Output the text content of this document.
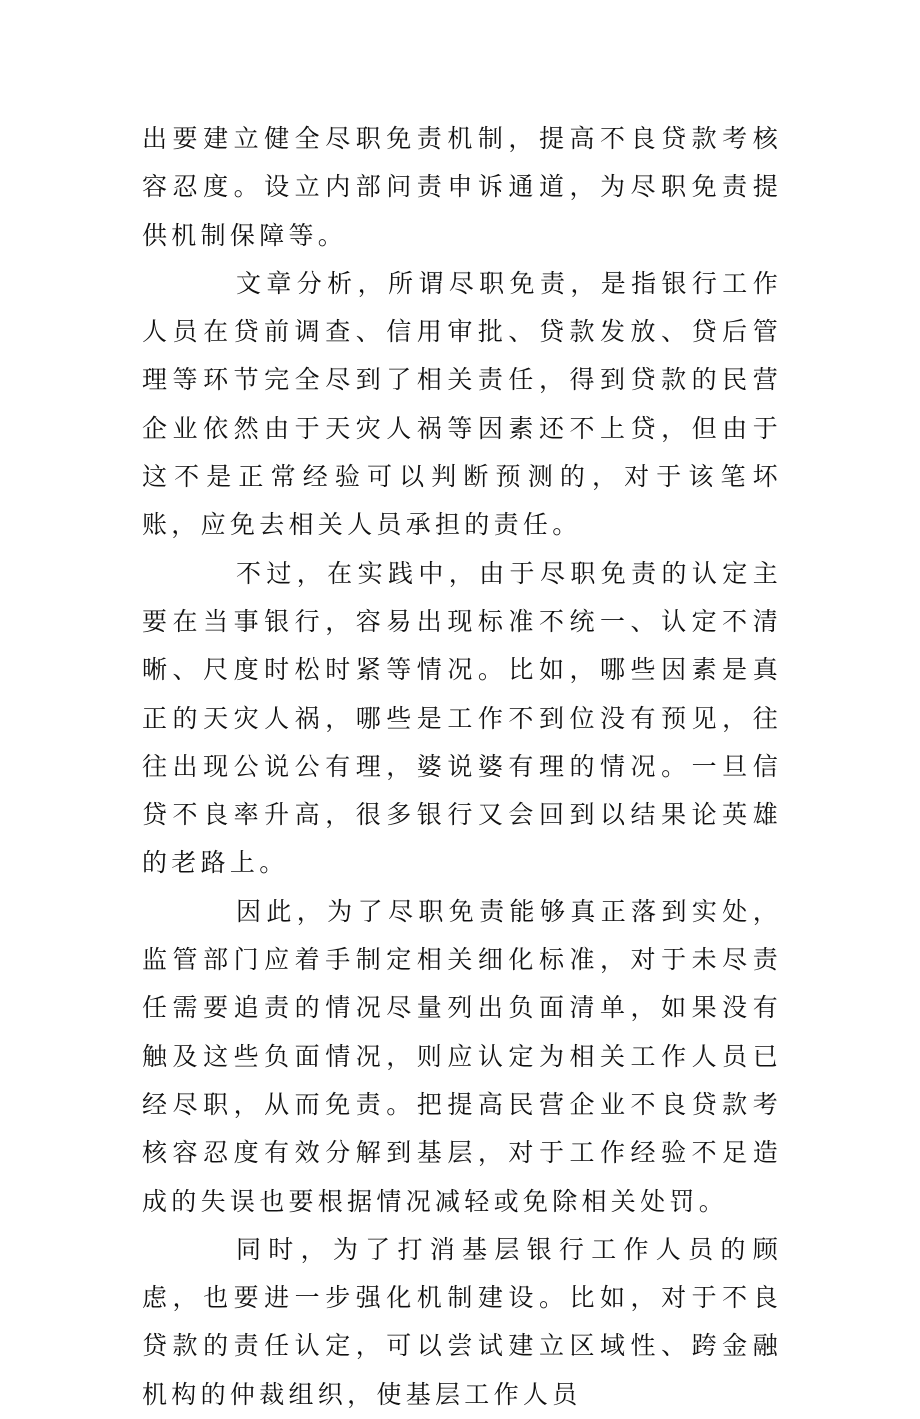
出要建立健全尽职免责机制，提高不良贷款考核容忍度。设立内部问责申诉通道，为尽职免责提供机制保障等。

文章分析，所谓尽职免责，是指银行工作人员在贷前调查、信用审批、贷款发放、贷后管理等环节完全尽到了相关责任，得到贷款的民营企业依然由于天灾人祸等因素还不上贷，但由于这不是正常经验可以判断预测的，对于该笔坏账，应免去相关人员承担的责任。

不过，在实践中，由于尽职免责的认定主要在当事银行，容易出现标准不统一、认定不清晰、尺度时松时紧等情况。比如，哪些因素是真正的天灾人祸，哪些是工作不到位没有预见，往往出现公说公有理，婆说婆有理的情况。一旦信贷不良率升高，很多银行又会回到以结果论英雄的老路上。

因此，为了尽职免责能够真正落到实处，监管部门应着手制定相关细化标准，对于未尽责任需要追责的情况尽量列出负面清单，如果没有触及这些负面情况，则应认定为相关工作人员已经尽职，从而免责。把提高民营企业不良贷款考核容忍度有效分解到基层，对于工作经验不足造成的失误也要根据情况减轻或免除相关处罚。

同时，为了打消基层银行工作人员的顾虑，也要进一步强化机制建设。比如，对于不良贷款的责任认定，可以尝试建立区域性、跨金融机构的仲裁组织，使基层工作人员
